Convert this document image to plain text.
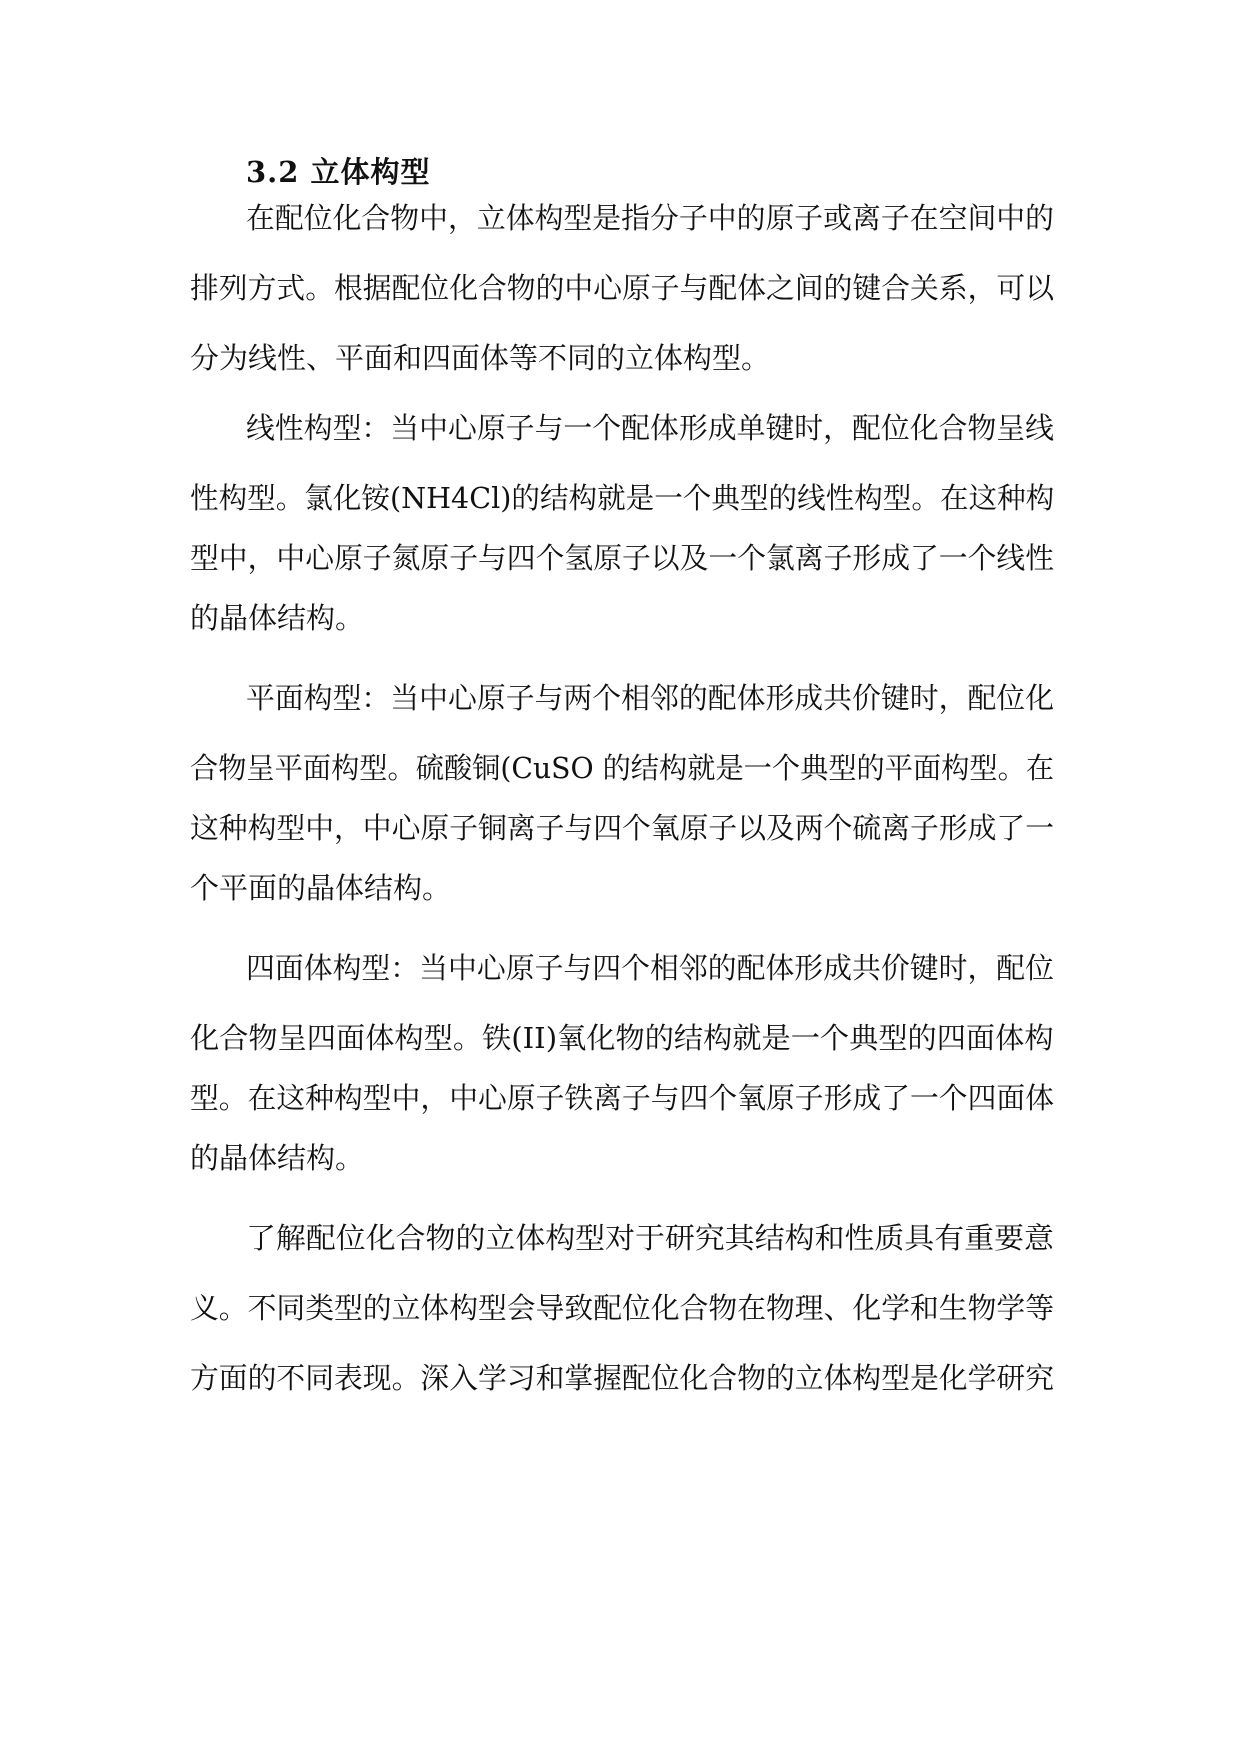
3.2 立体构型
在配位化合物中，立体构型是指分子中的原子或离子在空间中的
排列方式。根据配位化合物的中心原子与配体之间的键合关系，可以
分为线性、平面和四面体等不同的立体构型。
线性构型：当中心原子与一个配体形成单键时，配位化合物呈线
性构型。氯化铵(NH4Cl)的结构就是一个典型的线性构型。在这种构
型中，中心原子氮原子与四个氢原子以及一个氯离子形成了一个线性
的晶体结构。
平面构型：当中心原子与两个相邻的配体形成共价键时，配位化
合物呈平面构型。硫酸铜(CuSO 的结构就是一个典型的平面构型。在
这种构型中，中心原子铜离子与四个氧原子以及两个硫离子形成了一
个平面的晶体结构。
四面体构型：当中心原子与四个相邻的配体形成共价键时，配位
化合物呈四面体构型。铁(II)氧化物的结构就是一个典型的四面体构
型。在这种构型中，中心原子铁离子与四个氧原子形成了一个四面体
的晶体结构。
了解配位化合物的立体构型对于研究其结构和性质具有重要意
义。不同类型的立体构型会导致配位化合物在物理、化学和生物学等
方面的不同表现。深入学习和掌握配位化合物的立体构型是化学研究
